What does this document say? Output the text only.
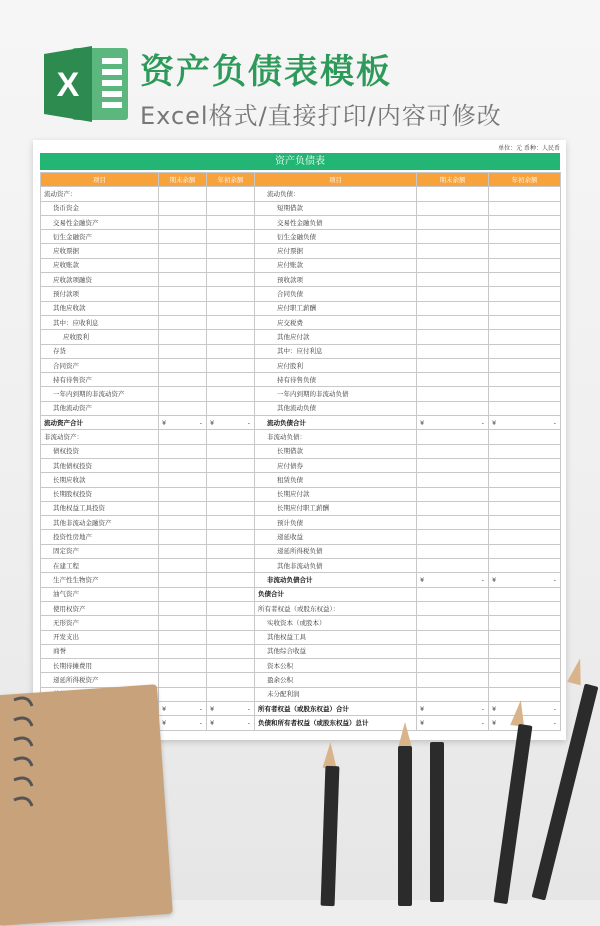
X 资产负债表模板
Excel格式/直接打印/内容可修改
单位：元 币种：人民币
资产负债表
项目	期末余额	年初余额	项目	期末余额	年初余额
流动资产：			流动负债：		
货币资金			短期借款		
交易性金融资产			交易性金融负债		
衍生金融资产			衍生金融负债		
应收票据			应付票据		
应收账款			应付账款		
应收款项融资			预收款项		
预付款项			合同负债		
其他应收款			应付职工薪酬		
其中：应收利息			应交税费		
应收股利			其他应付款		
存货			其中：应付利息		
合同资产			应付股利		
持有待售资产			持有待售负债		
一年内到期的非流动资产			一年内到期的非流动负债		
其他流动资产			其他流动负债		
流动资产合计	¥ -	¥ -	流动负债合计	¥ -	¥ -

非流动资产：			非流动负债：		
债权投资			长期借款		
其他债权投资			应付债券		
长期应收款			租赁负债		
长期股权投资			长期应付款		
其他权益工具投资			长期应付职工薪酬		
其他非流动金融资产			预计负债		
投资性房地产			递延收益		
固定资产			递延所得税负债		
在建工程			其他非流动负债		
生产性生物资产			非流动负债合计	¥ -	¥ -

油气资产			负债合计		
使用权资产			所有者权益（或股东权益）：		
无形资产			实收资本（或股本）		
开发支出			其他权益工具		
商誉			其他综合收益		
长期待摊费用			资本公积		
递延所得税资产			盈余公积		
			未分配利润		
	¥ -	¥ -	所有者权益（或股东权益）合计	¥ -	¥ -

	¥ -	¥ -	负债和所有者权益（或股东权益）总计	¥ -	¥ -
